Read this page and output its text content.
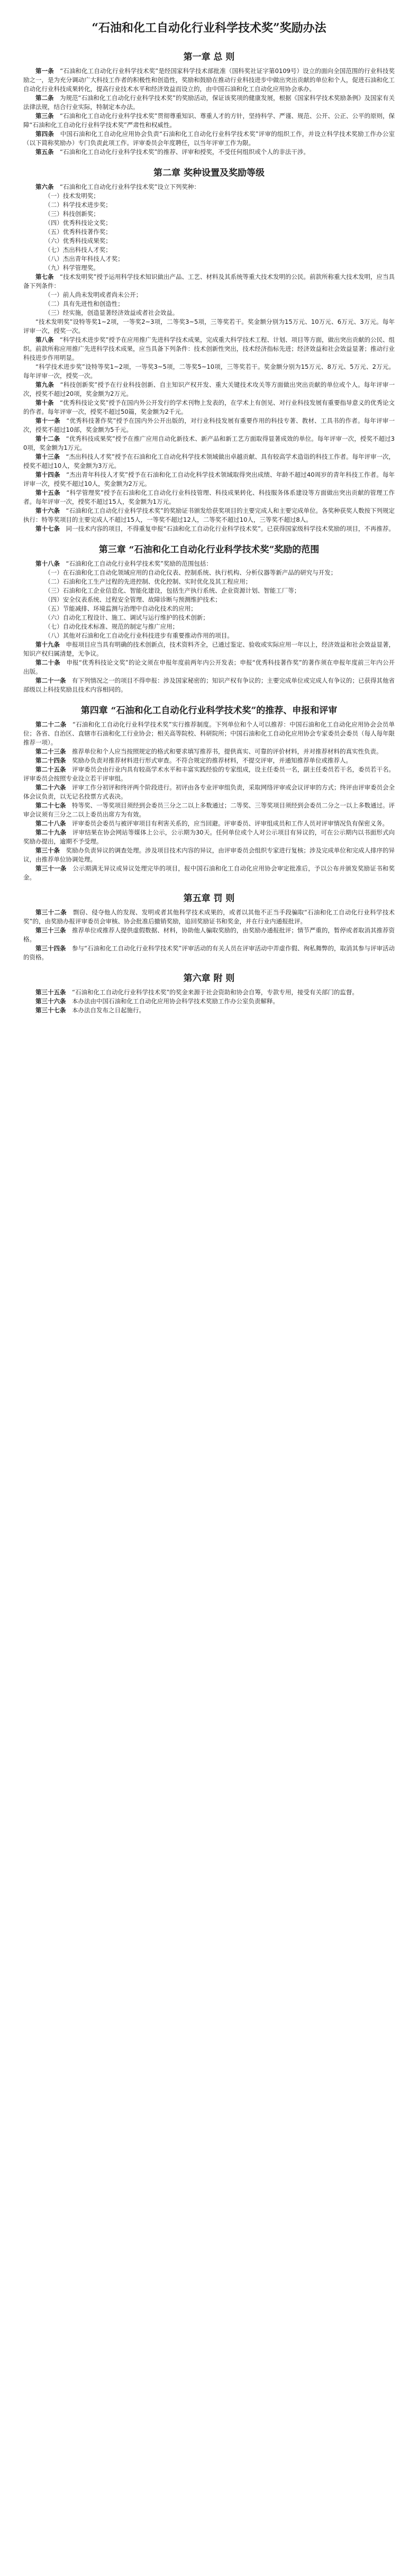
“石油和化工自动化行业科学技术奖”奖励办法
第一章 总 则

第一条  “石油和化工自动化行业科学技术奖”是经国家科学技术部批准（国科奖社证字第0109号）设立的面向全国范围的行业科技奖励之一，是为充分调动广大科技工作者的积极性和创造性，奖励和鼓励在推动行业科技进步中做出突出贡献的单位和个人，促进石油和化工自动化行业科技成果转化，提高行业技术水平和经济效益而设立的，由中国石油和化工自动化应用协会承办。

第二条  为规范“石油和化工自动化行业科学技术奖”的奖励活动，保证该奖项的健康发展，根据《国家科学技术奖励条例》及国家有关法律法规，结合行业实际，特制定本办法。

第三条  “石油和化工自动化行业科学技术奖”贯彻尊重知识、尊重人才的方针，坚持科学、严谨、规范、公开、公正、公平的原则，保障“石油和化工自动化行业科学技术奖”严肃性和权威性。

第四条  中国石油和化工自动化应用协会负责“石油和化工自动化行业科学技术奖”评审的组织工作，并设立科学技术奖励工作办公室（以下简称奖励办）专门负责此项工作。评审委员会年度聘任，以当年评审工作为限。

第五条  “石油和化工自动化行业科学技术奖”的推荐、评审和授奖，不受任何组织或个人的非法干涉。

第二章 奖种设置及奖励等级

第六条  “石油和化工自动化行业科学技术奖”设立下列奖种：

（一）技术发明奖；

（二）科学技术进步奖；

（三）科技创新奖；

（四）优秀科技论文奖；

（五）优秀科技著作奖；

（六）优秀科技成果奖；

（七）杰出科技人才奖；

（八）杰出青年科技人才奖；

（九）科学管理奖。

第七条  “技术发明奖”授予运用科学技术知识做出产品、工艺、材料及其系统等重大技术发明的公民。前款所称重大技术发明，应当具备下列条件：

（一）前人尚未发明或者尚未公开；

（二）具有先进性和创造性；

（三）经实施，创造显著经济效益或者社会效益。

“技术发明奖”设特等奖1~2项，一等奖2~3项，二等奖3~5项，三等奖若干。奖金额分别为15万元、10万元、6万元、3万元。每年评审一次，授奖一次。

第八条  “科学技术进步奖”授予在应用推广先进科学技术成果，完成重大科学技术工程、计划、项目等方面，做出突出贡献的公民、组织。前款所称应用推广先进科学技术成果，应当具备下列条件：技术创新性突出，技术经济指标先进；经济效益和社会效益显著；推动行业科技进步作用明显。

“科学技术进步奖”设特等奖1~2项，一等奖3~5项，二等奖5~10项，三等奖若干。奖金额分别为15万元、8万元、5万元、2万元。每年评审一次，授奖一次。

第九条  “科技创新奖”授予在行业科技创新、自主知识产权开发、重大关键技术攻关等方面做出突出贡献的单位或个人。每年评审一次，授奖不超过20项，奖金额为2万元。

第十条  “优秀科技论文奖”授予在国内外公开发行的学术刊物上发表的，在学术上有创见、对行业科技发展有重要指导意义的优秀论文的作者。每年评审一次，授奖不超过50篇，奖金额为2千元。

第十一条  “优秀科技著作奖”授予在国内外公开出版的，对行业科技发展有重要作用的科技专著、教材、工具书的作者。每年评审一次，授奖不超过10部，奖金额为5千元。

第十二条  “优秀科技成果奖”授予在推广应用自动化新技术、新产品和新工艺方面取得显著成效的单位。每年评审一次，授奖不超过30项，奖金额为1万元。

第十三条  “杰出科技人才奖”授予在石油和化工自动化科学技术领域做出卓越贡献、具有较高学术造诣的科技工作者。每年评审一次，授奖不超过10人，奖金额为3万元。

第十四条  “杰出青年科技人才奖”授予在石油和化工自动化科学技术领域取得突出成绩、年龄不超过40周岁的青年科技工作者。每年评审一次，授奖不超过10人，奖金额为2万元。

第十五条  “科学管理奖”授予在石油和化工自动化行业科技管理、科技成果转化、科技服务体系建设等方面做出突出贡献的管理工作者。每年评审一次，授奖不超过15人，奖金额为1万元。

第十六条  “石油和化工自动化行业科学技术奖”的奖励证书颁发给获奖项目的主要完成人和主要完成单位。各奖种获奖人数按下列规定执行：特等奖项目的主要完成人不超过15人，一等奖不超过12人，二等奖不超过10人，三等奖不超过8人。

第十七条  同一技术内容的项目，不得重复申报“石油和化工自动化行业科学技术奖”。已获得国家级科学技术奖励的项目，不再推荐。

第三章 “石油和化工自动化行业科学技术奖”奖励的范围

第十八条  “石油和化工自动化行业科学技术奖”奖励的范围包括：

（一）在石油和化工自动化领域应用的自动化仪表、控制系统、执行机构、分析仪器等新产品的研究与开发；

（二）石油和化工生产过程的先进控制、优化控制、实时优化及其工程应用；

（三）石油和化工企业信息化、智能化建设，包括生产执行系统、企业资源计划、智能工厂等；

（四）安全仪表系统、过程安全管理、故障诊断与预测维护技术；

（五）节能减排、环境监测与治理中自动化技术的应用；

（六）自动化工程设计、施工、调试与运行维护的技术创新；

（七）自动化技术标准、规范的制定与推广应用；

（八）其他对石油和化工自动化行业科技进步有重要推动作用的项目。

第十九条  申报项目应当具有明确的技术创新点，技术资料齐全，已通过鉴定、验收或实际应用一年以上，经济效益和社会效益显著，知识产权归属清楚，无争议。

第二十条  申报“优秀科技论文奖”的论文须在申报年度前两年内公开发表；申报“优秀科技著作奖”的著作须在申报年度前三年内公开出版。

第二十一条  有下列情况之一的项目不得申报：涉及国家秘密的；知识产权有争议的；主要完成单位或完成人有争议的；已获得其他省部级以上科技奖励且技术内容相同的。

第四章 “石油和化工自动化行业科学技术奖”的推荐、申报和评审

第二十二条  “石油和化工自动化行业科学技术奖”实行推荐制度。下列单位和个人可以推荐：中国石油和化工自动化应用协会会员单位；各省、自治区、直辖市石油和化工行业协会；相关高等院校、科研院所；中国石油和化工自动化应用协会专家委员会委员（每人每年限推荐一项）。

第二十三条  推荐单位和个人应当按照规定的格式和要求填写推荐书，提供真实、可靠的评价材料，并对推荐材料的真实性负责。

第二十四条  奖励办负责对推荐材料进行形式审查。不符合规定的推荐材料，不提交评审，并通知推荐单位或推荐人。

第二十五条  评审委员会由行业内具有较高学术水平和丰富实践经验的专家组成，设主任委员一名，副主任委员若干名，委员若干名。评审委员会按照专业设立若干评审组。

第二十六条  评审工作分初评和终评两个阶段进行。初评由各专业评审组负责，采取网络评审或会议评审的方式；终评由评审委员会全体会议负责，以无记名投票方式表决。

第二十七条  特等奖、一等奖项目须经到会委员三分之二以上多数通过；二等奖、三等奖项目须经到会委员二分之一以上多数通过。评审会议须有三分之二以上委员出席方为有效。

第二十八条  评审委员会委员与被评审项目有利害关系的，应当回避。评审委员、评审组成员和工作人员对评审情况负有保密义务。

第二十九条  评审结果在协会网站等媒体上公示，公示期为30天。任何单位或个人对公示项目有异议的，可在公示期内以书面形式向奖励办提出，逾期不予受理。

第三十条  奖励办负责异议的调查处理。涉及项目技术内容的异议，由评审委员会组织专家进行复核；涉及完成单位和完成人排序的异议，由推荐单位协调处理。

第三十一条  公示期满无异议或异议处理完毕的项目，报中国石油和化工自动化应用协会审定批准后，予以公布并颁发奖励证书和奖金。

第五章 罚 则

第三十二条  剽窃、侵夺他人的发现、发明或者其他科学技术成果的，或者以其他不正当手段骗取“石油和化工自动化行业科学技术奖”的，由奖励办报评审委员会审核、协会批准后撤销奖励，追回奖励证书和奖金，并在行业内通报批评。

第三十三条  推荐单位或推荐人提供虚假数据、材料，协助他人骗取奖励的，由奖励办通报批评；情节严重的，暂停或者取消其推荐资格。

第三十四条  参与“石油和化工自动化行业科学技术奖”评审活动的有关人员在评审活动中弄虚作假、徇私舞弊的，取消其参与评审活动的资格。

第六章 附 则

第三十五条  “石油和化工自动化行业科学技术奖”的奖金来源于社会资助和协会自筹，专款专用，接受有关部门的监督。

第三十六条  本办法由中国石油和化工自动化应用协会科学技术奖励工作办公室负责解释。

第三十七条  本办法自发布之日起施行。
